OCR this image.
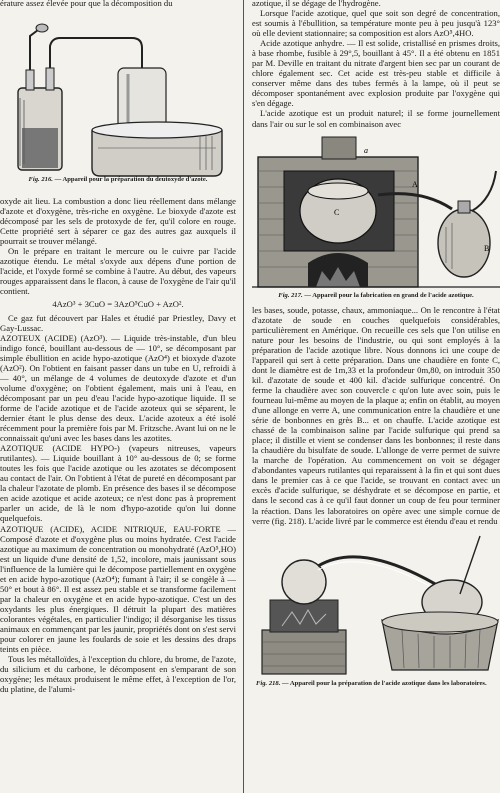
érature assez élevée pour que la décomposition du

Fig. 216. — Appareil pour la préparation du deutoxyde d'azote.

oxyde ait lieu. La combustion a donc lieu réellement dans mélange d'azote et d'oxygène, très-riche en oxygène. Le bioxyde d'azote est décomposé par les sels de protoxyde de fer, qu'il colore en rouge. Cette propriété sert à séparer ce gaz des autres gaz auxquels il pourrait se trouver mélangé.

On le prépare en traitant le mercure ou le cuivre par l'acide azotique étendu. Le métal s'oxyde aux dépens d'une portion de l'acide, et l'oxyde formé se combine à l'autre. Au début, des vapeurs rouges apparaissent dans le flacon, à cause de l'oxygène de l'air qu'il contient.

4AzO³ + 3CuO = 3AzO⁵CuO + AzO².

Ce gaz fut découvert par Hales et étudié par Priestley, Davy et Gay-Lussac.

AZOTEUX (ACIDE) (AzO³). — Liquide très-instable, d'un bleu indigo foncé, bouillant au-dessous de — 10°, se décomposant par simple ébullition en acide hypo-azotique (AzO⁴) et bioxyde d'azote (AzO²). On l'obtient en faisant passer dans un tube en U, refroidi à — 40°, un mélange de 4 volumes de deutoxyde d'azote et d'un volume d'oxygène; on l'obtient également, mais uni à l'eau, en décomposant par un peu d'eau l'acide hypo-azotique liquide. Il se forme de l'acide azotique et de l'acide azoteux qui se séparent, le dernier étant le plus dense des deux. L'acide azoteux a été isolé récemment pour la première fois par M. Fritzsche. Avant lui on ne le connaissait qu'uni avec les bases dans les azotites.

AZOTIQUE (ACIDE HYPO-) (vapeurs nitreuses, vapeurs rutilantes). — Liquide bouillant à 10° au-dessous de 0; se forme toutes les fois que l'acide azotique ou les azotates se décomposent au contact de l'air. On l'obtient à l'état de pureté en décomposant par la chaleur l'azotate de plomb. En présence des bases il se décompose en acide azotique et acide azoteux; ce n'est donc pas à proprement parler un acide, de là le nom d'hypo-azotide qu'on lui donne quelquefois.

AZOTIQUE (ACIDE), ACIDE NITRIQUE, EAU-FORTE — Composé d'azote et d'oxygène plus ou moins hydratée. C'est l'acide azotique au maximum de concentration ou monohydraté (AzO⁵,HO) est un liquide d'une densité de 1,52, incolore, mais jaunissant sous l'influence de la lumière qui le décompose partiellement en oxygène et en acide hypo-azotique (AzO⁴); fumant à l'air; il se congèle à — 50° et bout à 86°. Il est assez peu stable et se transforme facilement par la chaleur en oxygène et en acide hypo-azotique. C'est un des oxydants les plus énergiques. Il détruit la plupart des matières colorantes végétales, en particulier l'indigo; il désorganise les tissus animaux en commençant par les jaunir, propriétés dont on s'est servi pour colorer en jaune les foulards de soie et les dessins des draps teints en pièce.

Tous les métalloïdes, à l'exception du chlore, du brome, de l'azote, du silicium et du carbone, le décomposent en s'emparant de son oxygène; les métaux produisent le même effet, à l'exception de l'or, du platine, de l'alumi-

azotique, il se dégage de l'hydrogène.

Lorsque l'acide azotique, quel que soit son degré de concentration, est soumis à l'ébullition, sa température monte peu à peu jusqu'à 123° où elle devient stationnaire; sa composition est alors AzO⁵,4HO.

Acide azotique anhydre. — Il est solide, cristallisé en prismes droits, à base rhombe, fusible à 29°,5, bouillant à 45°. Il a été obtenu en 1851 par M. Deville en traitant du nitrate d'argent bien sec par un courant de chlore également sec. Cet acide est très-peu stable et difficile à conserver même dans des tubes fermés à la lampe, où il peut se décomposer spontanément avec explosion produite par l'oxygène qui s'en dégage.

L'acide azotique est un produit naturel; il se forme journellement dans l'air ou sur le sol en combinaison avec

a
B
C
A
Fig. 217. — Appareil pour la fabrication en grand de l'acide azotique.

les bases, soude, potasse, chaux, ammoniaque... On le rencontre à l'état d'azotate de soude en couches quelquefois considérables, particulièrement en Amérique. On recueille ces sels que l'on utilise en nature pour les besoins de l'industrie, ou qui sont employés à la préparation de l'acide azotique libre. Nous donnons ici une coupe de l'appareil qui sert à cette préparation. Dans une chaudière en fonte C, dont le diamètre est de 1m,33 et la profondeur 0m,80, on introduit 350 kil. d'azotate de soude et 400 kil. d'acide sulfurique concentré. On ferme la chaudière avec son couvercle c qu'on lute avec soin, puis le fourneau lui-même au moyen de la plaque a; enfin on établit, au moyen d'une allonge en verre A, une communication entre la chaudière et une série de bonbonnes en grès B... et on chauffe. L'acide azotique est chassé de la combinaison saline par l'acide sulfurique qui prend sa place; il distille et vient se condenser dans les bonbonnes; il reste dans la chaudière du bisulfate de soude. L'allonge de verre permet de suivre la marche de l'opération. Au commencement on voit se dégager d'abondantes vapeurs rutilantes qui reparaissent à la fin et qui sont dues dans le premier cas à ce que l'acide, se trouvant en contact avec un excès d'acide sulfurique, se déshydrate et se décompose en partie, et dans le second cas à ce qu'il faut donner un coup de feu pour terminer la réaction. Dans les laboratoires on opère avec une simple cornue de verre (fig. 218). L'acide livré par le commerce est étendu d'eau et rendu

Fig. 218. — Appareil pour la préparation de l'acide azotique dans les laboratoires.
